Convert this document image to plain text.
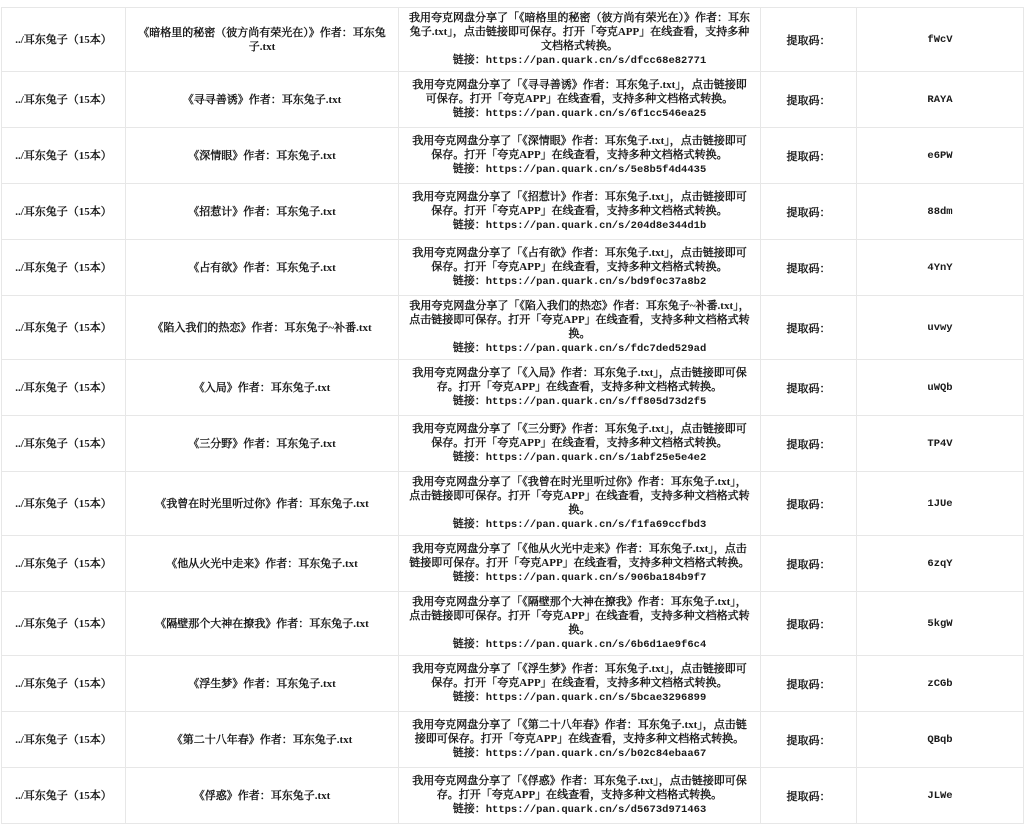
../耳东兔子（15本）	《暗格里的秘密（彼方尚有荣光在）》作者：耳东兔子.txt	我用夸克网盘分享了「《暗格里的秘密（彼方尚有荣光在）》作者：耳东兔子.txt」，点击链接即可保存。打开「夸克APP」在线查看，支持多种文档格式转换。
链接：https://pan.quark.cn/s/dfcc68e82771	提取码：	fWcV
../耳东兔子（15本）	《寻寻善诱》作者：耳东兔子.txt	我用夸克网盘分享了「《寻寻善诱》作者：耳东兔子.txt」，点击链接即可保存。打开「夸克APP」在线查看，支持多种文档格式转换。
链接：https://pan.quark.cn/s/6f1cc546ea25	提取码：	RAYA
../耳东兔子（15本）	《深情眼》作者：耳东兔子.txt	我用夸克网盘分享了「《深情眼》作者：耳东兔子.txt」，点击链接即可保存。打开「夸克APP」在线查看，支持多种文档格式转换。
链接：https://pan.quark.cn/s/5e8b5f4d4435	提取码：	e6PW
../耳东兔子（15本）	《招惹计》作者：耳东兔子.txt	我用夸克网盘分享了「《招惹计》作者：耳东兔子.txt」，点击链接即可保存。打开「夸克APP」在线查看，支持多种文档格式转换。
链接：https://pan.quark.cn/s/204d8e344d1b	提取码：	88dm
../耳东兔子（15本）	《占有欲》作者：耳东兔子.txt	我用夸克网盘分享了「《占有欲》作者：耳东兔子.txt」，点击链接即可保存。打开「夸克APP」在线查看，支持多种文档格式转换。
链接：https://pan.quark.cn/s/bd9f0c37a8b2	提取码：	4YnY
../耳东兔子（15本）	《陷入我们的热恋》作者：耳东兔子~补番.txt	我用夸克网盘分享了「《陷入我们的热恋》作者：耳东兔子~补番.txt」，点击链接即可保存。打开「夸克APP」在线查看，支持多种文档格式转换。
链接：https://pan.quark.cn/s/fdc7ded529ad	提取码：	uvwy
../耳东兔子（15本）	《入局》作者：耳东兔子.txt	我用夸克网盘分享了「《入局》作者：耳东兔子.txt」，点击链接即可保存。打开「夸克APP」在线查看，支持多种文档格式转换。
链接：https://pan.quark.cn/s/ff805d73d2f5	提取码：	uWQb
../耳东兔子（15本）	《三分野》作者：耳东兔子.txt	我用夸克网盘分享了「《三分野》作者：耳东兔子.txt」，点击链接即可保存。打开「夸克APP」在线查看，支持多种文档格式转换。
链接：https://pan.quark.cn/s/1abf25e5e4e2	提取码：	TP4V
../耳东兔子（15本）	《我曾在时光里听过你》作者：耳东兔子.txt	我用夸克网盘分享了「《我曾在时光里听过你》作者：耳东兔子.txt」，点击链接即可保存。打开「夸克APP」在线查看，支持多种文档格式转换。
链接：https://pan.quark.cn/s/f1fa69ccfbd3	提取码：	1JUe
../耳东兔子（15本）	《他从火光中走来》作者：耳东兔子.txt	我用夸克网盘分享了「《他从火光中走来》作者：耳东兔子.txt」，点击链接即可保存。打开「夸克APP」在线查看，支持多种文档格式转换。
链接：https://pan.quark.cn/s/906ba184b9f7	提取码：	6zqY
../耳东兔子（15本）	《隔壁那个大神在撩我》作者：耳东兔子.txt	我用夸克网盘分享了「《隔壁那个大神在撩我》作者：耳东兔子.txt」，点击链接即可保存。打开「夸克APP」在线查看，支持多种文档格式转换。
链接：https://pan.quark.cn/s/6b6d1ae9f6c4	提取码：	5kgW
../耳东兔子（15本）	《浮生梦》作者：耳东兔子.txt	我用夸克网盘分享了「《浮生梦》作者：耳东兔子.txt」，点击链接即可保存。打开「夸克APP」在线查看，支持多种文档格式转换。
链接：https://pan.quark.cn/s/5bcae3296899	提取码：	zCGb
../耳东兔子（15本）	《第二十八年春》作者：耳东兔子.txt	我用夸克网盘分享了「《第二十八年春》作者：耳东兔子.txt」，点击链接即可保存。打开「夸克APP」在线查看，支持多种文档格式转换。
链接：https://pan.quark.cn/s/b02c84ebaa67	提取码：	QBqb
../耳东兔子（15本）	《俘惑》作者：耳东兔子.txt	我用夸克网盘分享了「《俘惑》作者：耳东兔子.txt」，点击链接即可保存。打开「夸克APP」在线查看，支持多种文档格式转换。
链接：https://pan.quark.cn/s/d5673d971463	提取码：	JLWe
